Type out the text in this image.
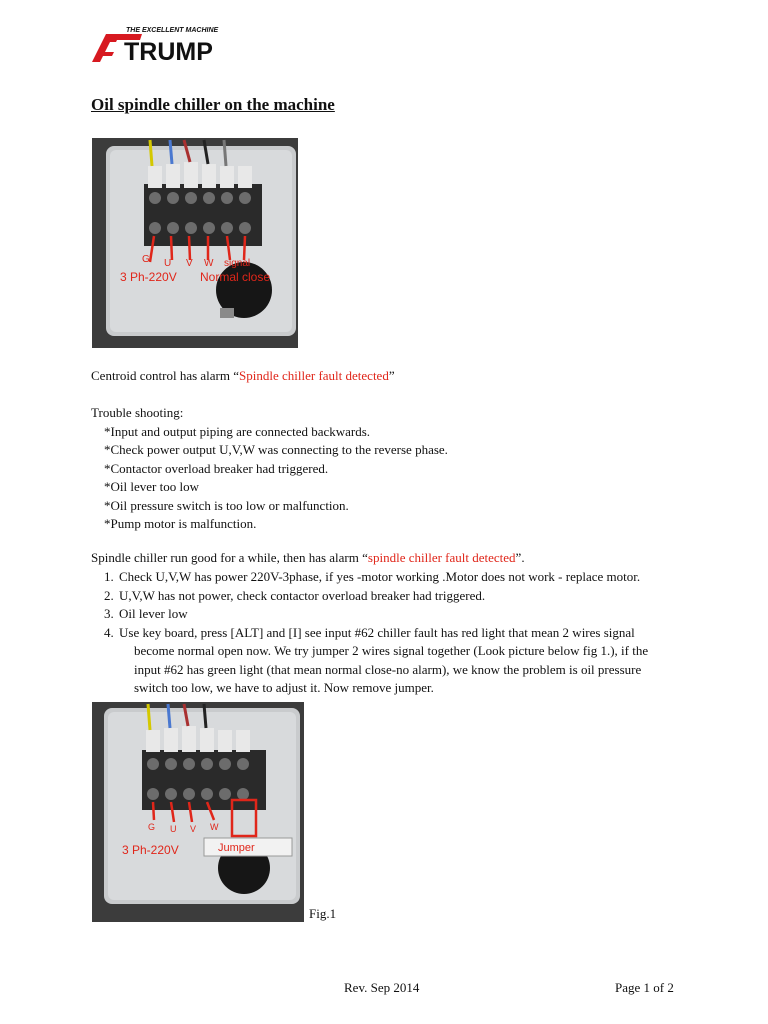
THE EXCELLENT MACHINE
TRUMP
Oil spindle chiller on the machine
G U V W signal
3 Ph-220V Normal close
Centroid control has alarm “Spindle chiller fault detected”
Trouble shooting:
*Input and output piping are connected backwards.
*Check power output U,V,W was connecting to the reverse phase.
*Contactor overload breaker had triggered.
*Oil lever too low
*Oil pressure switch is too low or malfunction.
*Pump motor is malfunction.
Spindle chiller run good for a while, then has alarm “spindle chiller fault detected”.
1. Check U,V,W has power 220V-3phase, if yes -motor working .Motor does not work - replace motor.
2. U,V,W has not power, check contactor overload breaker had triggered.
3. Oil lever low
4. Use key board, press [ALT] and [I] see input #62 chiller fault has red light that mean 2 wires signal
become normal open now. We try jumper 2 wires signal together (Look picture below fig 1.), if the
input #62 has green light (that mean normal close-no alarm), we know the problem is oil pressure
switch too low, we have to adjust it. Now remove jumper.
G U V W
3 Ph-220V	Jumper
Fig.1
Rev. Sep 2014	Page 1 of 2
